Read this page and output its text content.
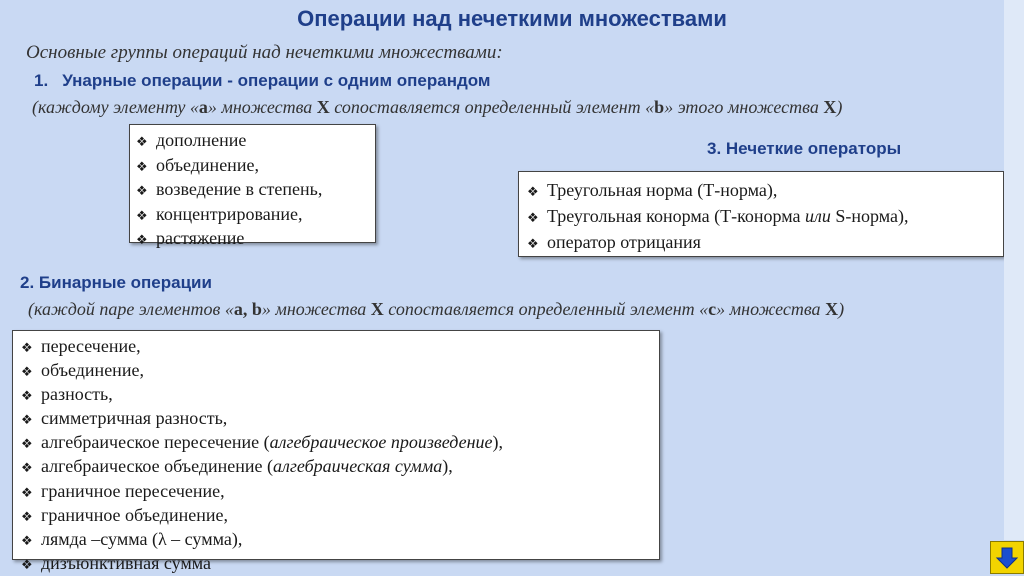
Операции над нечеткими множествами
Основные группы операций над нечеткими множествами:
1. Унарные операции - операции с одним операндом
(каждому элементу «a» множества X сопоставляется определенный элемент «b» этого множества X)
❖ дополнение
❖ объединение,
❖ возведение в степень,
❖ концентрирование,
❖ растяжение
3. Нечеткие операторы
❖ Треугольная норма (Т-норма),
❖ Треугольная конорма (Т-конорма или S-норма),
❖ оператор отрицания
2. Бинарные операции
(каждой паре элементов «a, b» множества X сопоставляется определенный элемент «c» множества X)
❖ пересечение,
❖ объединение,
❖ разность,
❖ симметричная разность,
❖ алгебраическое пересечение (алгебраическое произведение),
❖ алгебраическое объединение (алгебраическая сумма),
❖ граничное пересечение,
❖ граничное объединение,
❖ лямда –сумма (λ – сумма),
❖ дизъюнктивная сумма
